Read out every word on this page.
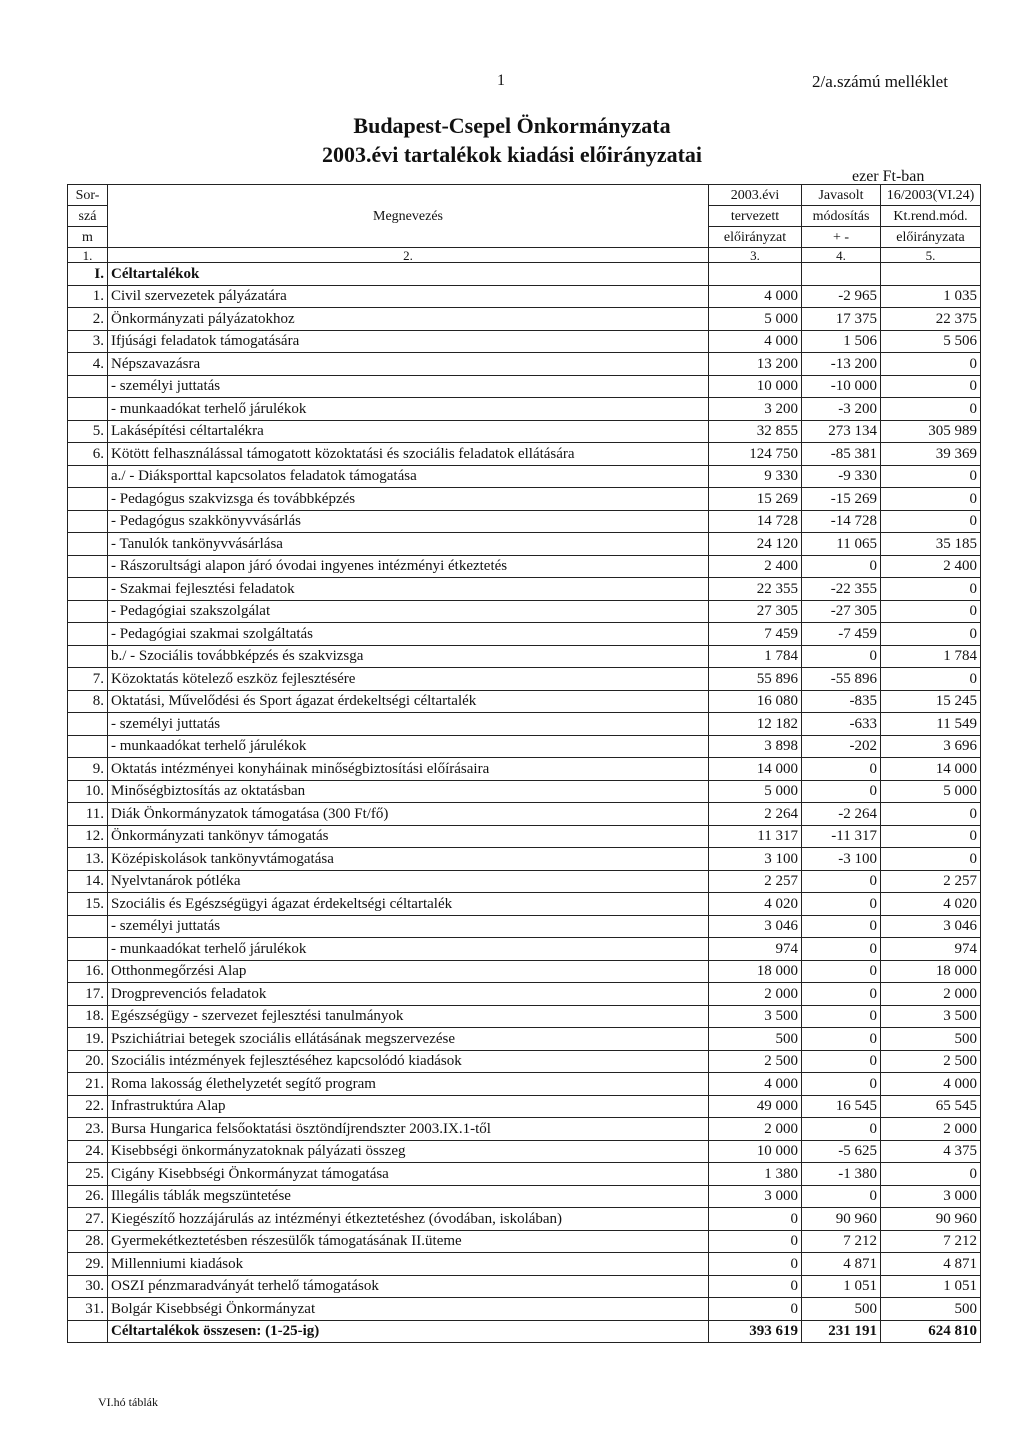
1	2/a.számú melléklet
Budapest-Csepel Önkormányzata
2003.évi tartalékok kiadási előirányzatai
ezer Ft-ban
Sor-	Megnevezés	2003.évi	Javasolt	16/2003(VI.24)
szá		tervezett	módosítás	Kt.rend.mód.
m		előirányzat	+ -	előirányzata
1.	2.	3.	4.	5.
I.	Céltartalékok			
1.	Civil szervezetek pályázatára	4 000	-2 965	1 035
2.	Önkormányzati pályázatokhoz	5 000	17 375	22 375
3.	Ifjúsági feladatok támogatására	4 000	1 506	5 506
4.	Népszavazásra	13 200	-13 200	0
	- személyi juttatás	10 000	-10 000	0
	- munkaadókat terhelő járulékok	3 200	-3 200	0
5.	Lakásépítési céltartalékra	32 855	273 134	305 989
6.	Kötött felhasználással támogatott közoktatási és szociális feladatok ellátására	124 750	-85 381	39 369
	a./ - Diáksporttal kapcsolatos feladatok támogatása	9 330	-9 330	0
	- Pedagógus szakvizsga és továbbképzés	15 269	-15 269	0
	- Pedagógus szakkönyvvásárlás	14 728	-14 728	0
	- Tanulók tankönyvvásárlása	24 120	11 065	35 185
	- Rászorultsági alapon járó óvodai ingyenes intézményi étkeztetés	2 400	0	2 400
	- Szakmai fejlesztési feladatok	22 355	-22 355	0
	- Pedagógiai szakszolgálat	27 305	-27 305	0
	- Pedagógiai szakmai szolgáltatás	7 459	-7 459	0
	b./ - Szociális továbbképzés és szakvizsga	1 784	0	1 784
7.	Közoktatás kötelező eszköz fejlesztésére	55 896	-55 896	0
8.	Oktatási, Művelődési és Sport ágazat érdekeltségi céltartalék	16 080	-835	15 245
	- személyi juttatás	12 182	-633	11 549
	- munkaadókat terhelő járulékok	3 898	-202	3 696
9.	Oktatás intézményei konyháinak minőségbiztosítási előírásaira	14 000	0	14 000
10.	Minőségbiztosítás az oktatásban	5 000	0	5 000
11.	Diák Önkormányzatok támogatása (300 Ft/fő)	2 264	-2 264	0
12.	Önkormányzati tankönyv támogatás	11 317	-11 317	0
13.	Középiskolások tankönyvtámogatása	3 100	-3 100	0
14.	Nyelvtanárok pótléka	2 257	0	2 257
15.	Szociális és Egészségügyi ágazat érdekeltségi céltartalék	4 020	0	4 020
	- személyi juttatás	3 046	0	3 046
	- munkaadókat terhelő járulékok	974	0	974
16.	Otthonmegőrzési Alap	18 000	0	18 000
17.	Drogprevenciós feladatok	2 000	0	2 000
18.	Egészségügy - szervezet fejlesztési tanulmányok	3 500	0	3 500
19.	Pszichiátriai betegek szociális ellátásának megszervezése	500	0	500
20.	Szociális intézmények fejlesztéséhez kapcsolódó kiadások	2 500	0	2 500
21.	Roma lakosság élethelyzetét segítő program	4 000	0	4 000
22.	Infrastruktúra Alap	49 000	16 545	65 545
23.	Bursa Hungarica felsőoktatási ösztöndíjrendszter 2003.IX.1-től	2 000	0	2 000
24.	Kisebbségi önkormányzatoknak pályázati összeg	10 000	-5 625	4 375
25.	Cigány Kisebbségi Önkormányzat támogatása	1 380	-1 380	0
26.	Illegális táblák megszüntetése	3 000	0	3 000
27.	Kiegészítő hozzájárulás az intézményi étkeztetéshez (óvodában, iskolában)	0	90 960	90 960
28.	Gyermekétkeztetésben részesülők támogatásának II.üteme	0	7 212	7 212
29.	Millenniumi kiadások	0	4 871	4 871
30.	OSZI pénzmaradványát terhelő támogatások	0	1 051	1 051
31.	Bolgár Kisebbségi Önkormányzat	0	500	500
	Céltartalékok összesen: (1-25-ig)	393 619	231 191	624 810
VI.hó táblák
